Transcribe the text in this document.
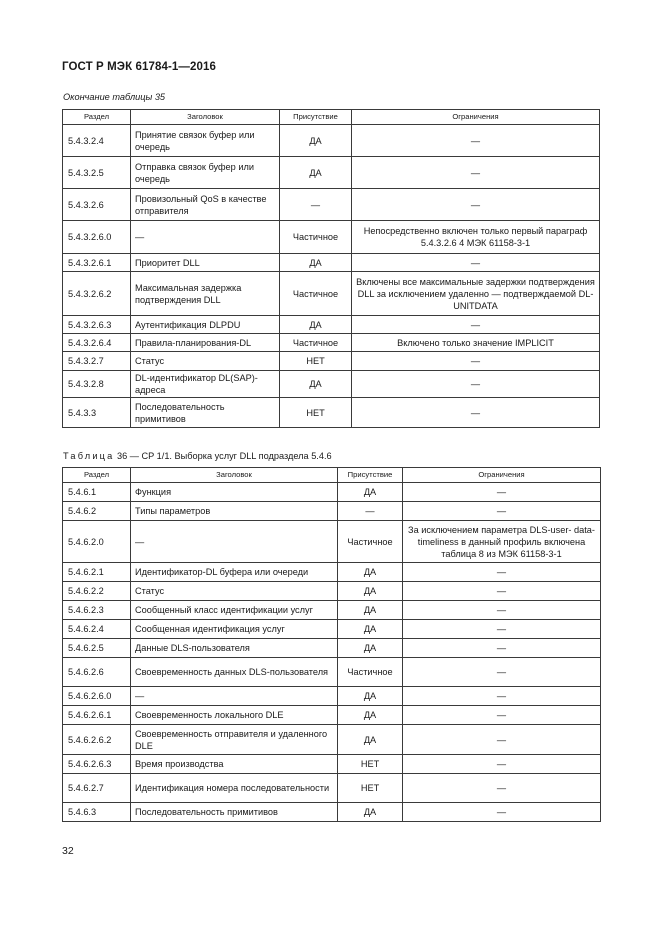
ГОСТ Р МЭК 61784-1—2016
Окончание таблицы 35
Раздел	Заголовок	Присутствие	Ограничения
5.4.3.2.4	Принятие связок буфер или очередь	ДА	—
5.4.3.2.5	Отправка связок буфер или очередь	ДА	—
5.4.3.2.6	Провизольный QoS в качестве отправителя	—	—
5.4.3.2.6.0	—	Частичное	Непосредственно включен только первый параграф 5.4.3.2.6 4 МЭК 61158-3-1
5.4.3.2.6.1	Приоритет DLL	ДА	—
5.4.3.2.6.2	Максимальная задержка подтверждения DLL	Частичное	Включены все максимальные задержки подтверждения DLL за исключением удаленно — подтверждаемой DL-UNITDATA
5.4.3.2.6.3	Аутентификация DLPDU	ДА	—
5.4.3.2.6.4	Правила-планирования-DL	Частичное	Включено только значение IMPLICIT
5.4.3.2.7	Статус	НЕТ	—
5.4.3.2.8	DL-идентификатор DL(SAP)-адреса	ДА	—
5.4.3.3	Последовательность примитивов	НЕТ	—
Таблица 36 — CP 1/1. Выборка услуг DLL подраздела 5.4.6
Раздел	Заголовок	Присутствие	Ограничения
5.4.6.1	Функция	ДА	—
5.4.6.2	Типы параметров	—	—
5.4.6.2.0	—	Частичное	За исключением параметра DLS-user- data-timeliness в данный профиль включена таблица 8 из МЭК 61158-3-1
5.4.6.2.1	Идентификатор-DL буфера или очереди	ДА	—
5.4.6.2.2	Статус	ДА	—
5.4.6.2.3	Сообщенный класс идентификации услуг	ДА	—
5.4.6.2.4	Сообщенная идентификация услуг	ДА	—
5.4.6.2.5	Данные DLS-пользователя	ДА	—
5.4.6.2.6	Своевременность данных DLS-пользователя	Частичное	—
5.4.6.2.6.0	—	ДА	—
5.4.6.2.6.1	Своевременность локального DLE	ДА	—
5.4.6.2.6.2	Своевременность отправителя и удаленного DLE	ДА	—
5.4.6.2.6.3	Время производства	НЕТ	—
5.4.6.2.7	Идентификация номера последовательности	НЕТ	—
5.4.6.3	Последовательность примитивов	ДА	—
32
